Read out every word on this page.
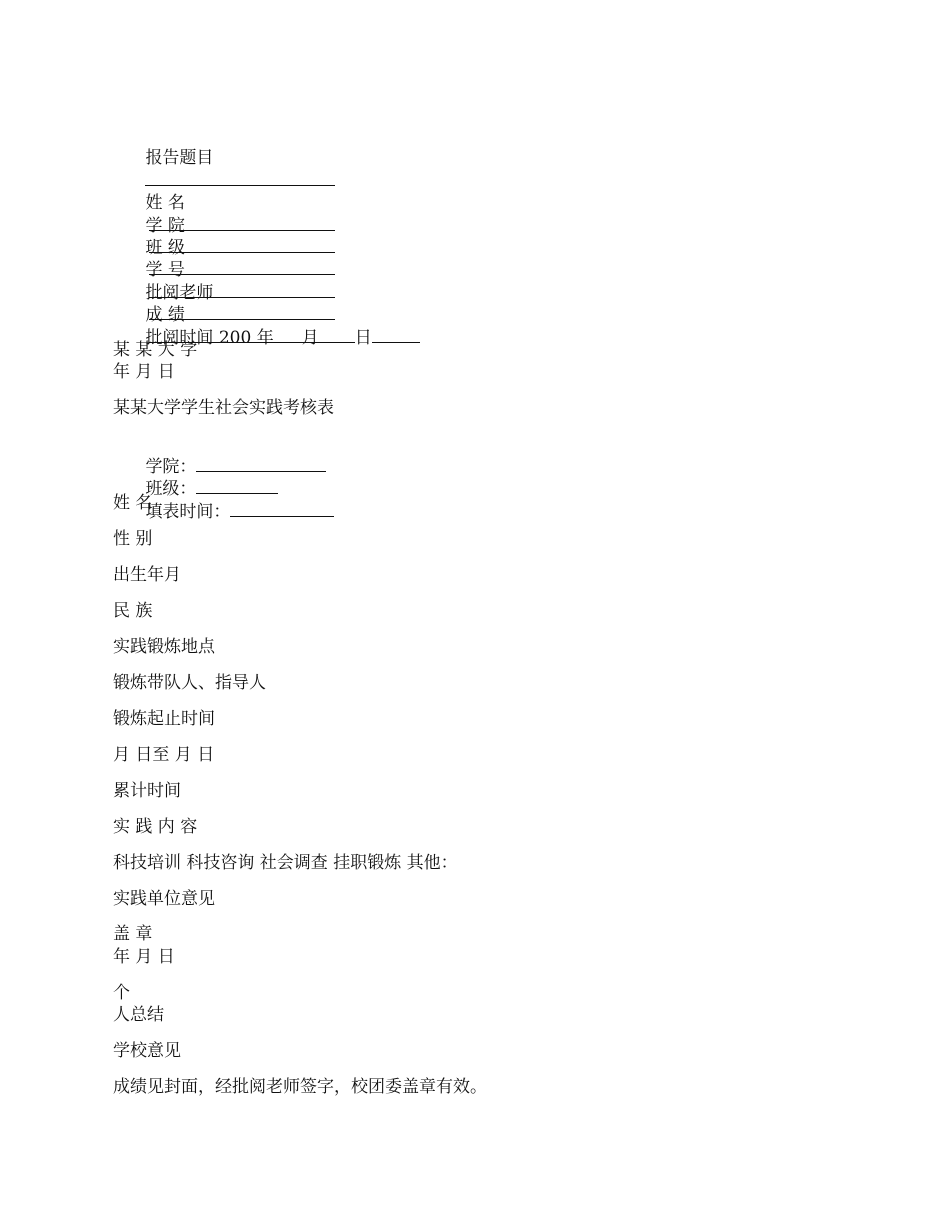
报告题目

姓 名

学 院

班 级

学 号

批阅老师

成 绩

批阅时间 200 年 月 日

某 某 大 学
年 月 日
某某大学学生社会实践考核表

学院：
班级：
填表时间：

姓 名
性 别
出生年月
民 族
实践锻炼地点
锻炼带队人、指导人
锻炼起止时间
月 日至 月 日
累计时间
实 践 内 容
科技培训 科技咨询 社会调查 挂职锻炼 其他：
实践单位意见
盖 章
年 月 日
个
人总结
学校意见
成绩见封面，经批阅老师签字，校团委盖章有效。
